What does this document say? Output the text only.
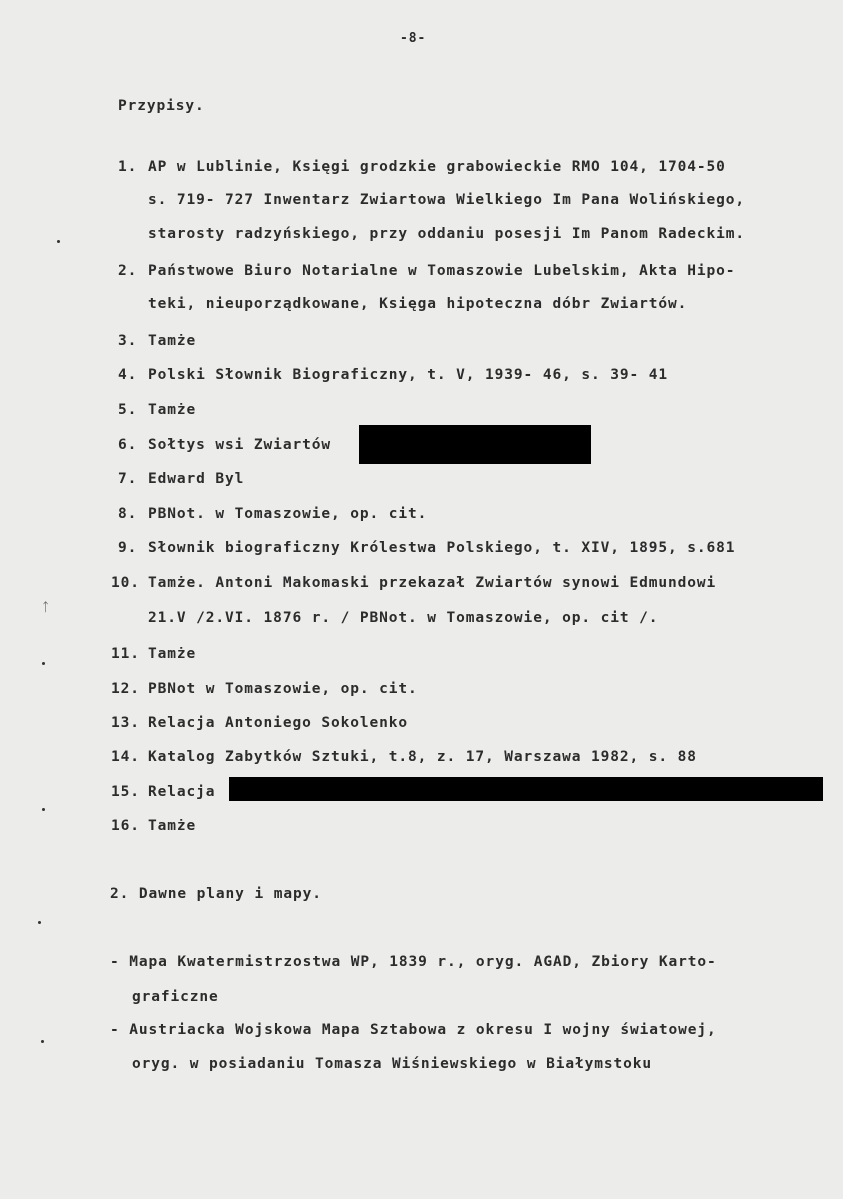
-8-
Przypisy.
1. AP w Lublinie, Księgi grodzkie grabowieckie RMO 104, 1704-50
s. 719- 727 Inwentarz Zwiartowa Wielkiego Im Pana Wolińskiego,
starosty radzyńskiego, przy oddaniu posesji Im Panom Radeckim.
2. Państwowe Biuro Notarialne w Tomaszowie Lubelskim, Akta Hipo-
teki, nieuporządkowane, Księga hipoteczna dóbr Zwiartów.
3. Tamże
4. Polski Słownik Biograficzny, t. V, 1939- 46, s. 39- 41
5. Tamże
6. Sołtys wsi Zwiartów
7. Edward Byl
8. PBNot. w Tomaszowie, op. cit.
9. Słownik biograficzny Królestwa Polskiego, t. XIV, 1895, s.681
10. Tamże. Antoni Makomaski przekazał Zwiartów synowi Edmundowi
21.V /2.VI. 1876 r. / PBNot. w Tomaszowie, op. cit /.
11. Tamże
12. PBNot w Tomaszowie, op. cit.
13. Relacja Antoniego Sokolenko
14. Katalog Zabytków Sztuki, t.8, z. 17, Warszawa 1982, s. 88
15. Relacja
16. Tamże
2. Dawne plany i mapy.
- Mapa Kwatermistrzostwa WP, 1839 r., oryg. AGAD, Zbiory Karto-
graficzne
- Austriacka Wojskowa Mapa Sztabowa z okresu I wojny światowej,
oryg. w posiadaniu Tomasza Wiśniewskiego w Białymstoku
ᛏ
